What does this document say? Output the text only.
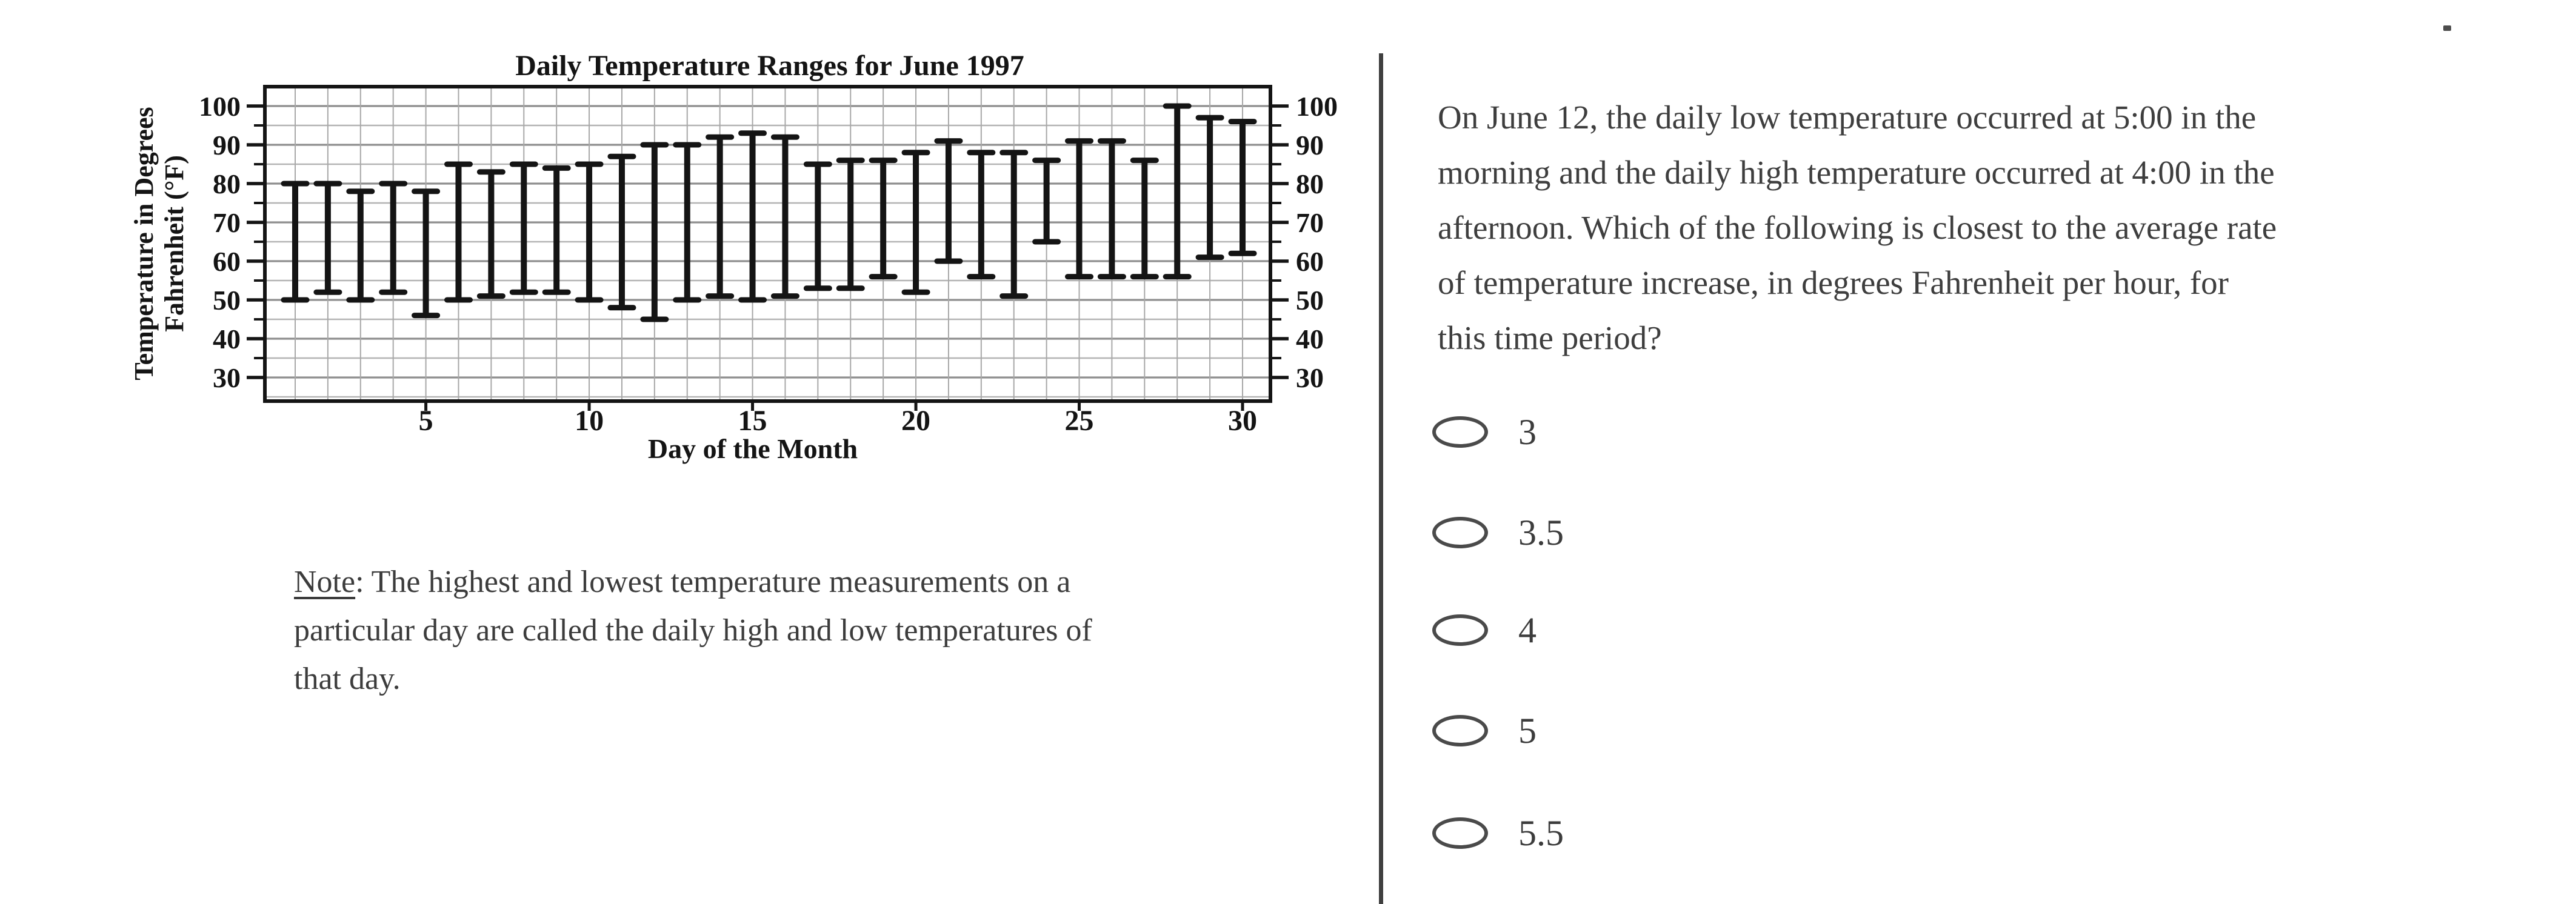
30	30
40	40
50	50
60	60
70	70
80	80
90	90
100	100
5	10	15	20	25	30
Daily Temperature Ranges for June 1997
Day of the Month
Temperature in Degrees Fahrenheit (°F)
Note: The highest and lowest temperature measurements on a
particular day are called the daily high and low temperatures of
that day.
On June 12, the daily low temperature occurred at 5:00 in the
morning and the daily high temperature occurred at 4:00 in the
afternoon. Which of the following is closest to the average rate
of temperature increase, in degrees Fahrenheit per hour, for
this time period?
3
3.5
4
5
5.5
